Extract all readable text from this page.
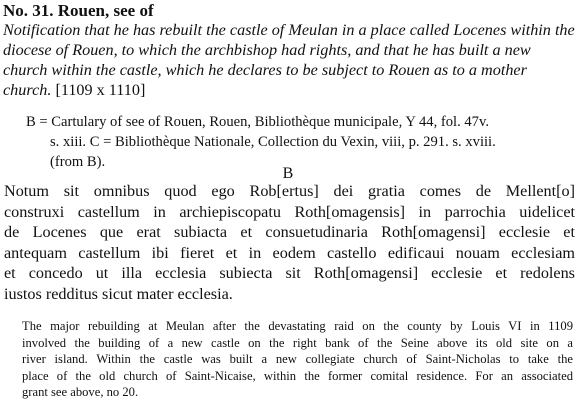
No. 31. Rouen, see of
Notification that he has rebuilt the castle of Meulan in a place called Locenes within the diocese of Rouen, to which the archbishop had rights, and that he has built a new church within the castle, which he declares to be subject to Rouen as to a mother church. [1109 x 1110]
B = Cartulary of see of Rouen, Rouen, Bibliothèque municipale, Y 44, fol. 47v.
s. xiii. C = Bibliothèque Nationale, Collection du Vexin, viii, p. 291. s. xviii.
(from B).
B
Notum sit omnibus quod ego Rob[ertus] dei gratia comes de Mellent[o]
construxi castellum in archiepiscopatu Roth[omagensis] in parrochia uidelicet
de Locenes que erat subiacta et consuetudinaria Roth[omagensi] ecclesie et
antequam castellum ibi fieret et in eodem castello edificaui nouam ecclesiam
et concedo ut illa ecclesia subiecta sit Roth[omagensi] ecclesie et redolens
iustos redditus sicut mater ecclesia.
The major rebuilding at Meulan after the devastating raid on the county by Louis VI in 1109
involved the building of a new castle on the right bank of the Seine above its old site on a
river island. Within the castle was built a new collegiate church of Saint-Nicholas to take the
place of the old church of Saint-Nicaise, within the former comital residence. For an associated
grant see above, no 20.
